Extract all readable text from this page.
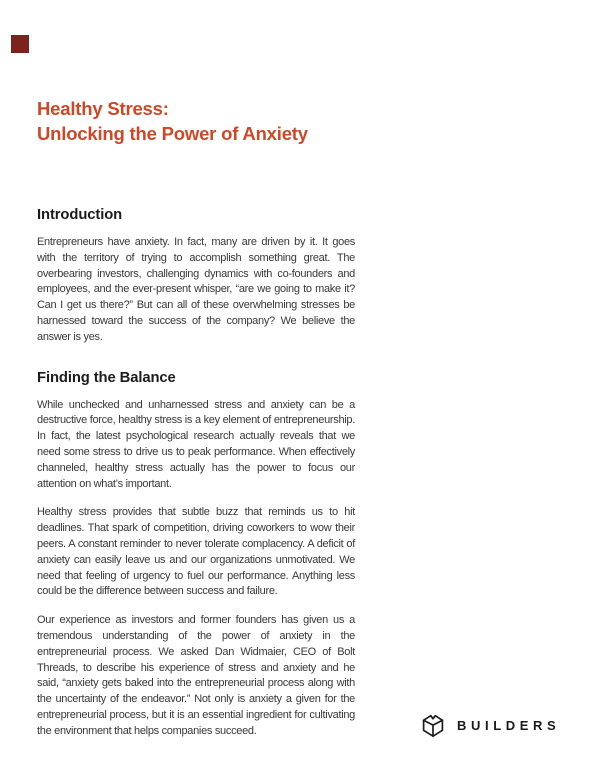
Healthy Stress:
Unlocking the Power of Anxiety
Introduction

Entrepreneurs have anxiety. In fact, many are driven by it. It goes with the territory of trying to accomplish something great. The overbearing investors, challenging dynamics with co-founders and employees, and the ever-present whisper, “are we going to make it? Can I get us there?” But can all of these overwhelming stresses be harnessed toward the success of the company? We believe the answer is yes.

Finding the Balance

While unchecked and unharnessed stress and anxiety can be a destructive force, healthy stress is a key element of entrepreneurship. In fact, the latest psychological research actually reveals that we need some stress to drive us to peak performance. When effectively channeled, healthy stress actually has the power to focus our attention on what’s important.

Healthy stress provides that subtle buzz that reminds us to hit deadlines. That spark of competition, driving coworkers to wow their peers. A constant reminder to never tolerate complacency. A deficit of anxiety can easily leave us and our organizations unmotivated. We need that feeling of urgency to fuel our performance. Anything less could be the difference between success and failure.

Our experience as investors and former founders has given us a tremendous understanding of the power of anxiety in the entrepreneurial process. We asked Dan Widmaier, CEO of Bolt Threads, to describe his experience of stress and anxiety and he said, “anxiety gets baked into the entrepreneurial process along with the uncertainty of the endeavor.” Not only is anxiety a given for the entrepreneurial process, but it is an essential ingredient for cultivating the environment that helps companies succeed.	BUILDERS
